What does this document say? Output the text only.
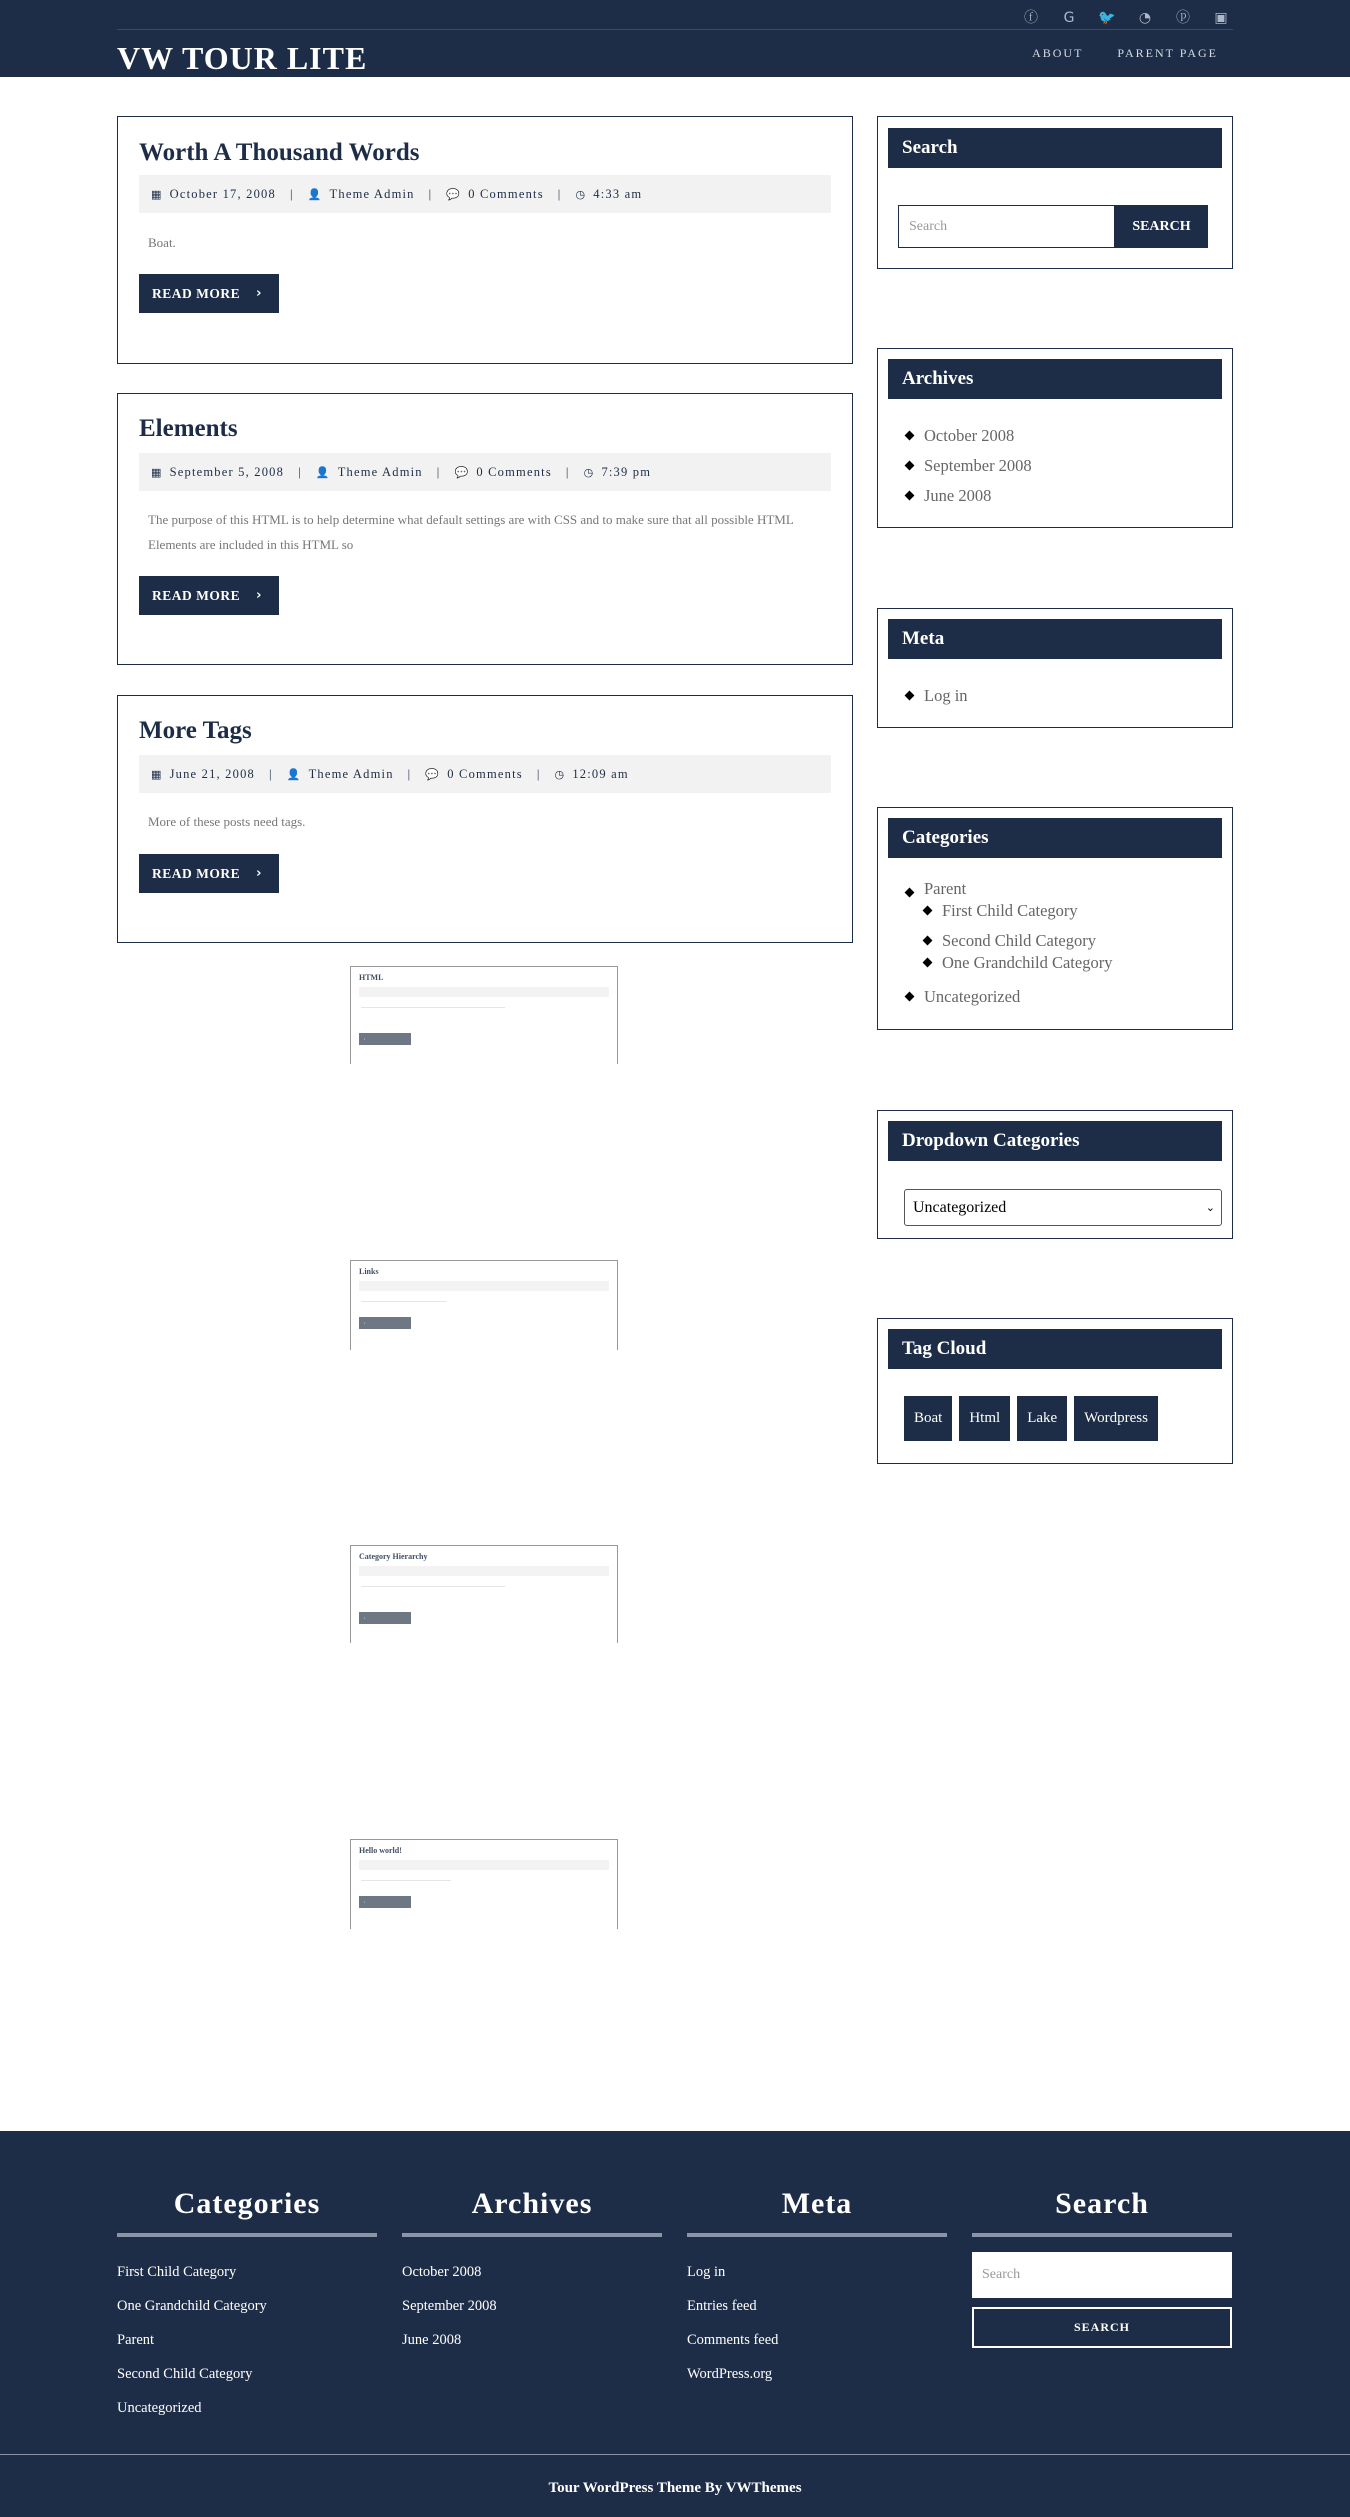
ⓕ	G	🐦	◔	ⓟ	▣
VW TOUR LITE	ABOUT	PARENT PAGE
Worth A Thousand Words
▦ October 17, 2008 | 👤 Theme Admin | 💬 0 Comments | ◷ 4:33 am
Boat.
READ MORE ›
Elements
▦ September 5, 2008 | 👤 Theme Admin | 💬 0 Comments | ◷ 7:39 pm
The purpose of this HTML is to help determine what default settings are with CSS and to make sure that all possible HTML Elements are included in this HTML so
READ MORE ›
More Tags
▦ June 21, 2008 | 👤 Theme Admin | 💬 0 Comments | ◷ 12:09 am
More of these posts need tags.
READ MORE ›
HTML
————————————————————————————————
›
Links
———————————————————
›
Category Hierarchy
————————————————————————————————
›
Hello world!
————————————————————
›
Search
Search	SEARCH
Archives
October 2008
September 2008
June 2008
Meta
Log in
Categories
Parent
First Child Category
Second Child Category
One Grandchild Category
Uncategorized
Dropdown Categories
Uncategorized	⌄
Tag Cloud
Boat	Html	Lake	Wordpress
Categories
First Child Category
One Grandchild Category
Parent
Second Child Category
Uncategorized
Archives
October 2008
September 2008
June 2008
Meta
Log in
Entries feed
Comments feed
WordPress.org
Search
Search
SEARCH
Tour WordPress Theme By VWThemes
